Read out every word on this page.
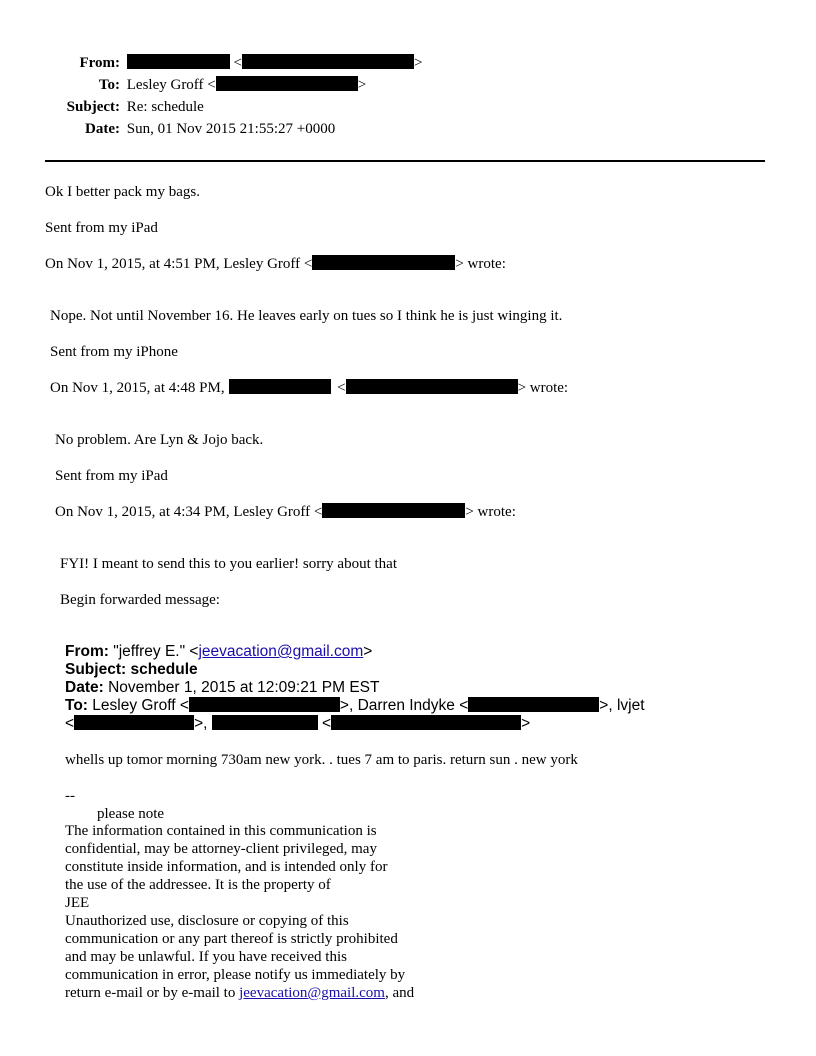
From:	<	>
To: Lesley Groff <	>
Subject: Re: schedule
Date: Sun, 01 Nov 2015 21:55:27 +0000
Ok I better pack my bags.
Sent from my iPad
On Nov 1, 2015, at 4:51 PM, Lesley Groff <	> wrote:
Nope. Not until November 16. He leaves early on tues so I think he is just winging it.
Sent from my iPhone
On Nov 1, 2015, at 4:48 PM,	<	> wrote:
No problem. Are Lyn & Jojo back.
Sent from my iPad
On Nov 1, 2015, at 4:34 PM, Lesley Groff <	> wrote:
FYI! I meant to send this to you earlier! sorry about that
Begin forwarded message:
From: "jeffrey E." <jeevacation@gmail.com>
Subject: schedule
Date: November 1, 2015 at 12:09:21 PM EST
To: Lesley Groff <	>, Darren Indyke <	>, lvjet
<	>,	<	>
whells up tomor morning 730am new york. . tues 7 am to paris. return sun . new york
--
please note
The information contained in this communication is
confidential, may be attorney-client privileged, may
constitute inside information, and is intended only for
the use of the addressee. It is the property of
JEE
Unauthorized use, disclosure or copying of this
communication or any part thereof is strictly prohibited
and may be unlawful. If you have received this
communication in error, please notify us immediately by
return e-mail or by e-mail to jeevacation@gmail.com, and
